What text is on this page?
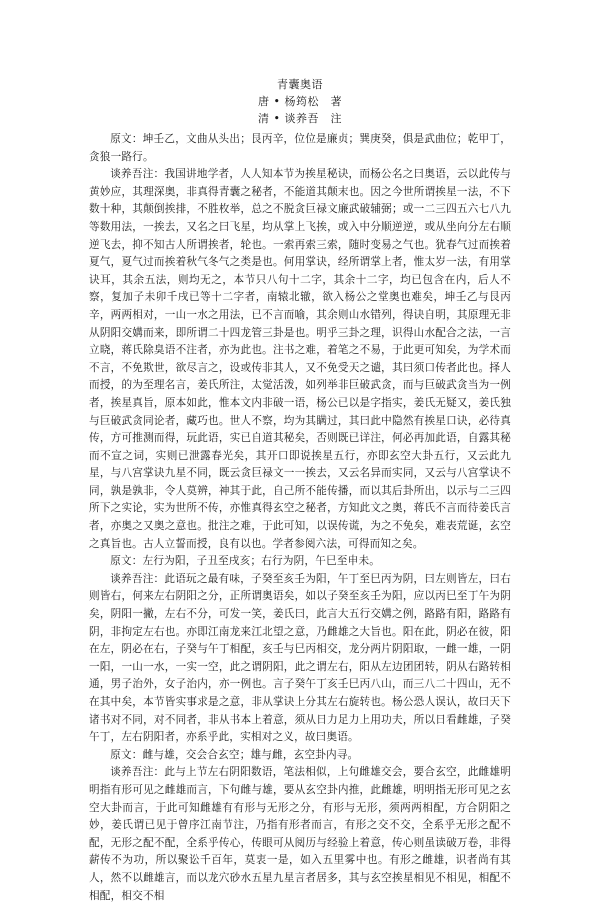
青囊奥语
唐 • 杨筠松　著
清 • 谈养吾　注

原文：坤壬乙，文曲从头出；艮丙辛，位位是廉贞；巽庚癸，俱是武曲位；乾甲丁，贪狼一路行。

谈养吾注：我国讲地学者，人人知本节为挨星秘诀，而杨公名之曰奥语，云以此传与黄妙应，其理深奥，非真得青囊之秘者，不能道其颠末也。因之今世所谓挨星一法，不下数十种，其颠倒挨排，不胜枚举，总之不脱贪巨禄文廉武破辅弼；或一二三四五六七八九等数用法，一挨去，又名之曰飞星，均从掌上飞挨，或入中分顺逆逆，或从坐向分左右顺逆飞去，抑不知古人所谓挨者，轮也。一索再索三索，随时变易之气也。犹春气过而挨着夏气，夏气过而挨着秋气冬气之类是也。何用掌诀，经所谓掌上者，惟太岁一法，有用掌诀耳，其余五法，则均无之，本节只八句十二字，其余十二字，均已包含在内，后人不察，复加子未卯千戌已等十二字者，南辕北辙，欲入杨公之堂奥也难矣，坤壬乙与艮丙辛，两两相对，一山一水之用法，已不言而喻，其余则山水错列，得诀自明，其原理无非从阴阳交媾而来，即所谓二十四龙管三卦是也。明乎三卦之理，识得山水配合之法，一言立晓，蒋氏除臭语不注者，亦为此也。注书之难，着笔之不易，于此更可知矣，为学术而不言，不免欺世，欲尽言之，设或传非其人，又不免受天之谴，其曰须口传者此也。择人而授，的为至理名言，姜氏所注，太觉活泼，如列举非巨破武贪，而与巨破武贪当为一例者，挨星真旨，原本如此，惟本文内非破一语，杨公已以是字指实，姜氏无疑又，姜氏独与巨破武贪同论者，藏巧也。世人不察，均为其瞒过，其曰此中隐然有挨星口诀，必待真传，方可推测而得，玩此语，实已自道其秘矣，否则既已详注，何必再加此语，自露其秘而不宣之词，实则已泄露春光矣，其开口即说挨星五行，亦即玄空大卦五行，又云此九星，与八宫掌诀九星不同，既云贪巨禄文一一挨去，又云名异而实同，又云与八宫掌诀不同，孰是孰非，令人莫辨，神其于此，自己所不能传播，而以其后卦所出，以示与二三四所下之实论，实为世所不传，亦惟真得玄空之秘者，方知此文之奥，蒋氏不言而待姜氏言者，亦奥之又奥之意也。批注之难，于此可知，以误传谎，为之不免矣，难表荒诞，玄空之真旨也。古人立誓而授，良有以也。学者参阅六法，可得而知之矣。

原文：左行为阳，子丑至戌亥；右行为阴，午巳至申未。

谈养吾注：此语玩之最有味，子癸至亥壬为阳，午丁至巳丙为阴，曰左则皆左，曰右则皆右，何来左右阴阳之分，正所谓奥语矣，如以子癸至亥壬为阳，应以丙巳至丁午为阴矣，阴阳一撇，左右不分，可发一笑，姜氏曰，此言大五行交媾之例，路路有阳，路路有阴，非拘定左右也。亦即江南龙来江北望之意，乃雌雄之大旨也。阳在此，阴必在彼，阳在左，阴必在右，子癸与午丁相配，亥壬与巳丙相交，龙分两片阴阳取，一雌一雄，一阴一阳，一山一水，一实一空，此之谓阴阳，此之谓左右，阳从左边团团转，阴从右路转相通，男子治外，女子治内，亦一例也。言子癸午丁亥壬巳丙八山，而三八二十四山，无不在其中矣，本节皆实事求是之意，非从掌诀上分其左右旋转也。杨公恐人误认，故曰天下诸书对不同，对不同者，非从书本上着意，须从日力足力上用功夫，所以日看雌雄，子癸午丁，左右阴阳者，亦系乎此，实相对之义，故曰奥语。

原文：雌与雄，交会合玄空；雄与雌，玄空卦内寻。

谈养吾注：此与上节左右阴阳数语，笔法相似，上句雌雄交会，要合玄空，此雌雄明明指有形可见之雌雄而言，下句雌与雄，要从玄空卦内推，此雌雄，明明指无形可见之玄空大卦而言，于此可知雌雄有有形与无形之分，有形与无形，须两两相配，方合阴阳之妙，姜氏谓已见于曾序江南节注，乃指有形者而言，有形之交不交，全系乎无形之配不配，无形之配不配，全系乎传心，传眼可从阅历与经验上着意，传心则虽读破万卷，非得薪传不为功，所以聚讼千百年，莫衷一是，如入五里雾中也。有形之雌雄，识者尚有其人，然不以雌雄言，而以龙穴砂水五星九星言者居多，其与玄空挨星相见不相见，相配不相配，相交不相
